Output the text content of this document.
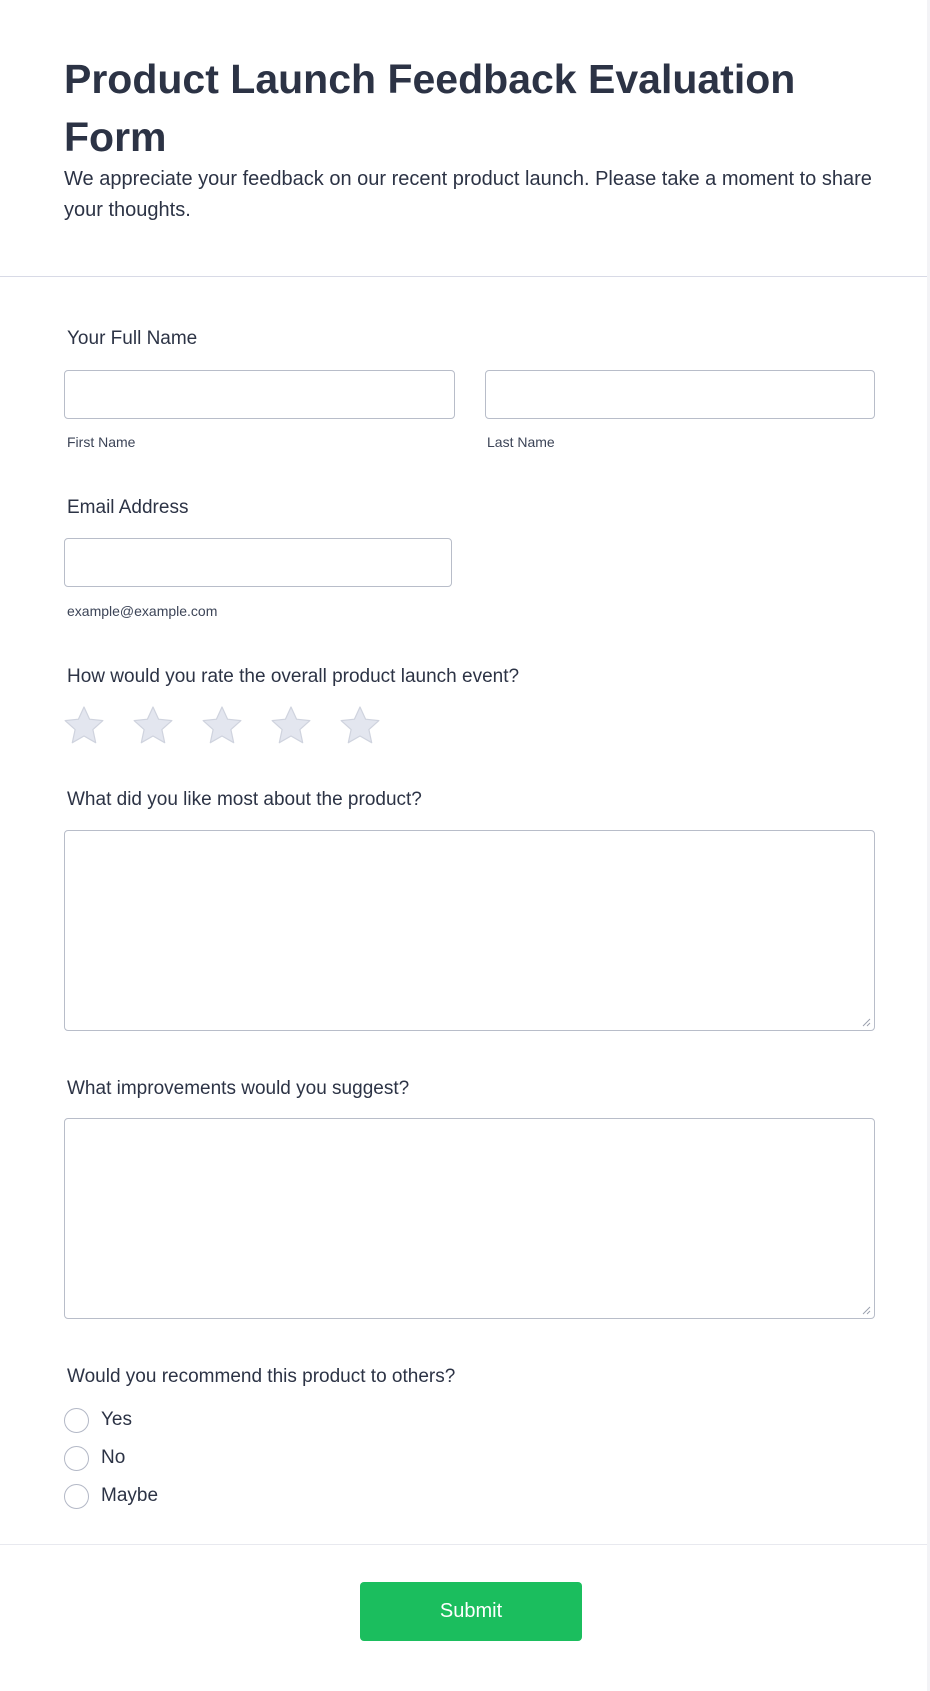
Product Launch Feedback Evaluation Form

We appreciate your feedback on our recent product launch. Please take a moment to share your thoughts.

Your Full Name
First Name	Last Name
Email Address
example@example.com
How would you rate the overall product launch event?
What did you like most about the product?
What improvements would you suggest?
Would you recommend this product to others?
Yes
No
Maybe
Submit
